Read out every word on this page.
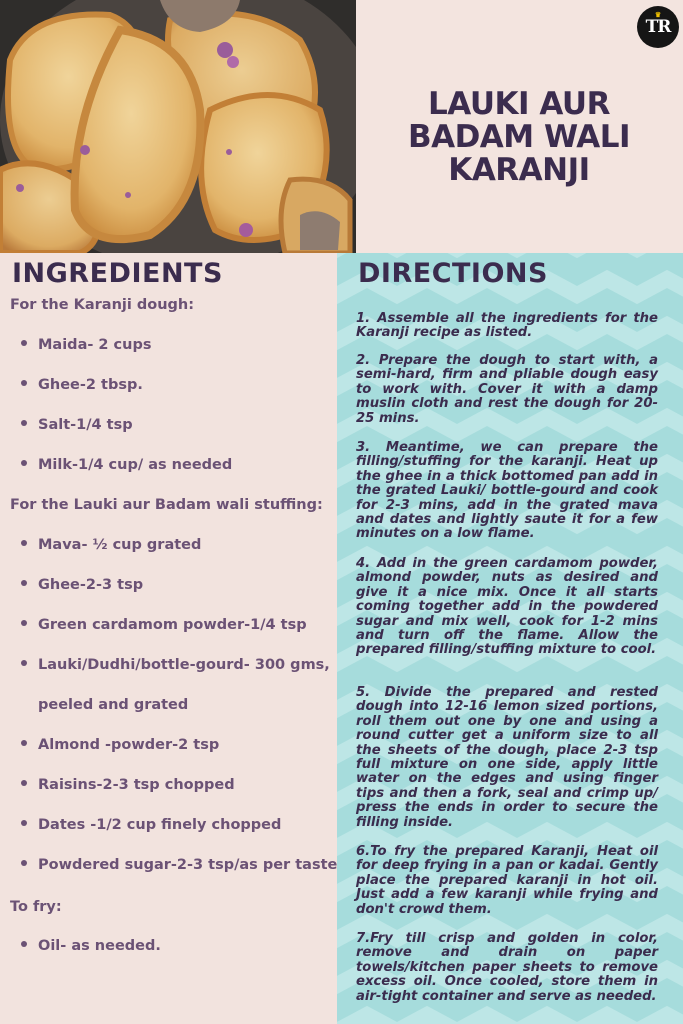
♛
TR
LAUKI AUR BADAM WALI KARANJI
INGREDIENTS	DIRECTIONS
For the Karanji dough:
Maida- 2 cups
Ghee-2 tbsp.
Salt-1/4 tsp
Milk-1/4 cup/ as needed
For the Lauki aur Badam wali stuffing:
Mava- ½ cup grated
Ghee-2-3 tsp
Green cardamom powder-1/4 tsp
Lauki/Dudhi/bottle-gourd- 300 gms,
peeled and grated
Almond -powder-2 tsp
Raisins-2-3 tsp chopped
Dates -1/2 cup finely chopped
Powdered sugar-2-3 tsp/as per taste
To fry:
Oil- as needed.
1. Assemble all the ingredients for the Karanji recipe as listed.
2. Prepare the dough to start with, a semi-hard, firm and pliable dough easy to work with. Cover it with a damp muslin cloth and rest the dough for 20-25 mins.
3. Meantime, we can prepare the filling/stuffing for the karanji. Heat up the ghee in a thick bottomed pan add in the grated Lauki/ bottle-gourd and cook for 2-3 mins, add in the grated mava and dates and lightly saute it for a few minutes on a low flame.
4. Add in the green cardamom powder, almond powder, nuts as desired and give it a nice mix. Once it all starts coming together add in the powdered sugar and mix well, cook for 1-2 mins and turn off the flame. Allow the prepared filling/stuffing mixture to cool.
5. Divide the prepared and rested dough into 12-16 lemon sized portions, roll them out one by one and using a round cutter get a uniform size to all the sheets of the dough, place 2-3 tsp full mixture on one side, apply little water on the edges and using finger tips and then a fork, seal and crimp up/ press the ends in order to secure the filling inside.
6.To fry the prepared Karanji, Heat oil for deep frying in a pan or kadai. Gently place the prepared karanji in hot oil. Just add a few karanji while frying and don't crowd them.
7.Fry till crisp and golden in color, remove and drain on paper towels/kitchen paper sheets to remove excess oil. Once cooled, store them in air-tight container and serve as needed.
